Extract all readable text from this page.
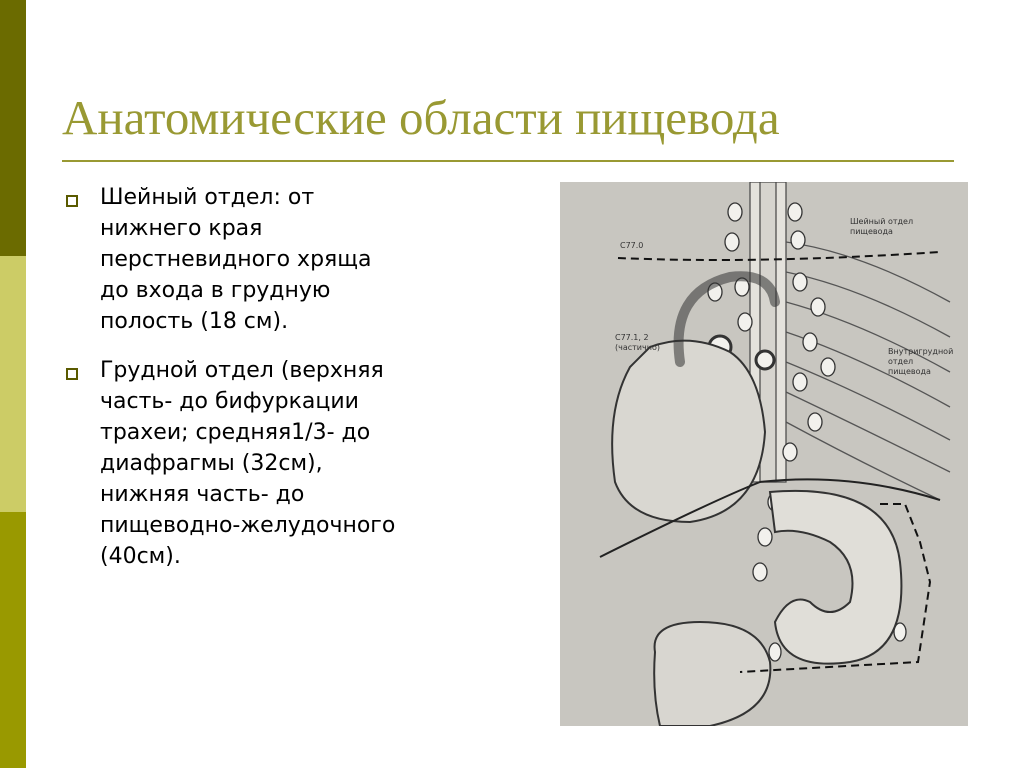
Анатомические области пищевода
Шейный отдел: от
нижнего края
перстневидного хряща
до входа в грудную
полость (18 см).
Грудной отдел (верхняя
часть- до бифуркации
трахеи; средняя1/3- до
диафрагмы (32см),
нижняя часть- до
пищеводно-желудочного
(40см).
Шейный отдел
пищевода
C77.0
C77.1, 2
(частично)	Внутригрудной
отдел
пищевода
